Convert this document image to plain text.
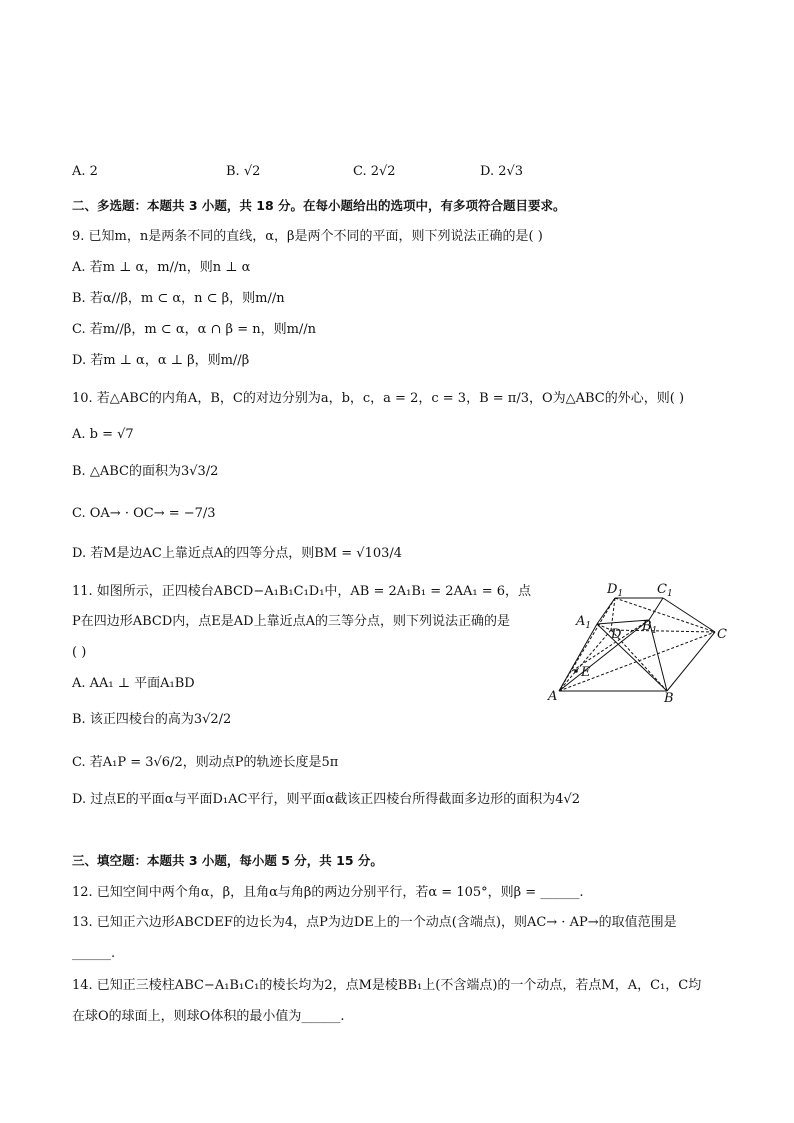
A. 2	B. √2	C. 2√2	D. 2√3
二、多选题：本题共 3 小题，共 18 分。在每小题给出的选项中，有多项符合题目要求。
9. 已知m，n是两条不同的直线，α，β是两个不同的平面，则下列说法正确的是( )
A. 若m ⊥ α，m//n，则n ⊥ α
B. 若α//β，m ⊂ α，n ⊂ β，则m//n
C. 若m//β，m ⊂ α，α ∩ β = n，则m//n
D. 若m ⊥ α，α ⊥ β，则m//β
10. 若△ABC的内角A，B，C的对边分别为a，b，c，a = 2，c = 3，B = π/3，O为△ABC的外心，则( )
A. b = √7
B. △ABC的面积为3√3/2
C. OA→ · OC→ = −7/3
D. 若M是边AC上靠近点A的四等分点，则BM = √103/4
11. 如图所示，正四棱台ABCD−A₁B₁C₁D₁中，AB = 2A₁B₁ = 2AA₁ = 6，点
P在四边形ABCD内，点E是AD上靠近点A的三等分点，则下列说法正确的是
( )
A. AA₁ ⊥ 平面A₁BD
B. 该正四棱台的高为3√2/2
C. 若A₁P = 3√6/2，则动点P的轨迹长度是5π
D. 过点E的平面α与平面D₁AC平行，则平面α截该正四棱台所得截面多边形的面积为4√2
$D_1$	$C_1$
$A_1$
D
$B_1$	C
E
A	B
三、填空题：本题共 3 小题，每小题 5 分，共 15 分。
12. 已知空间中两个角α，β，且角α与角β的两边分别平行，若α = 105°，则β = ______.
13. 已知正六边形ABCDEF的边长为4，点P为边DE上的一个动点(含端点)，则AC→ · AP→的取值范围是
______.
14. 已知正三棱柱ABC−A₁B₁C₁的棱长均为2，点M是棱BB₁上(不含端点)的一个动点，若点M，A，C₁，C均
在球O的球面上，则球O体积的最小值为______.
